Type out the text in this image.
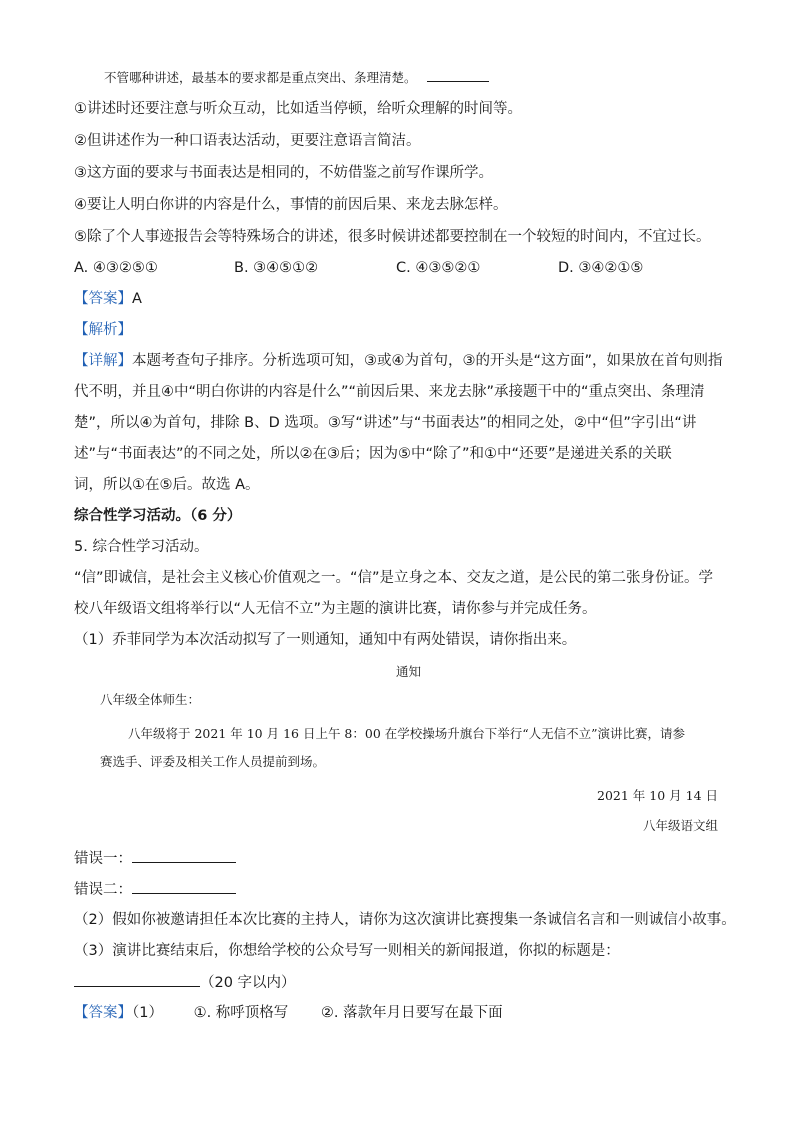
不管哪种讲述，最基本的要求都是重点突出、条理清楚。
①讲述时还要注意与听众互动，比如适当停顿，给听众理解的时间等。
②但讲述作为一种口语表达活动，更要注意语言简洁。
③这方面的要求与书面表达是相同的，不妨借鉴之前写作课所学。
④要让人明白你讲的内容是什么，事情的前因后果、来龙去脉怎样。
⑤除了个人事迹报告会等特殊场合的讲述，很多时候讲述都要控制在一个较短的时间内，不宜过长。
A. ④③②⑤①	B. ③④⑤①②	C. ④③⑤②①	D. ③④②①⑤
【答案】A
【解析】
【详解】本题考查句子排序。分析选项可知，③或④为首句，③的开头是“这方面”，如果放在首句则指
代不明，并且④中“明白你讲的内容是什么”“前因后果、来龙去脉”承接题干中的“重点突出、条理清
楚”，所以④为首句，排除 B、D 选项。③写“讲述”与“书面表达”的相同之处，②中“但”字引出“讲
述”与“书面表达”的不同之处，所以②在③后；因为⑤中“除了”和①中“还要”是递进关系的关联
词，所以①在⑤后。故选 A。
综合性学习活动。（6 分）
5. 综合性学习活动。
“信”即诚信，是社会主义核心价值观之一。“信”是立身之本、交友之道，是公民的第二张身份证。学
校八年级语文组将举行以“人无信不立”为主题的演讲比赛，请你参与并完成任务。
（1）乔菲同学为本次活动拟写了一则通知，通知中有两处错误，请你指出来。
通知
八年级全体师生：
八年级将于 2021 年 10 月 16 日上午 8：00 在学校操场升旗台下举行“人无信不立”演讲比赛，请参
赛选手、评委及相关工作人员提前到场。
2021 年 10 月 14 日
八年级语文组
错误一：
错误二：
（2）假如你被邀请担任本次比赛的主持人，请你为这次演讲比赛搜集一条诚信名言和一则诚信小故事。
（3）演讲比赛结束后，你想给学校的公众号写一则相关的新闻报道，你拟的标题是：
（20 字以内）
【答案】（1） ①. 称呼顶格写 ②. 落款年月日要写在最下面
